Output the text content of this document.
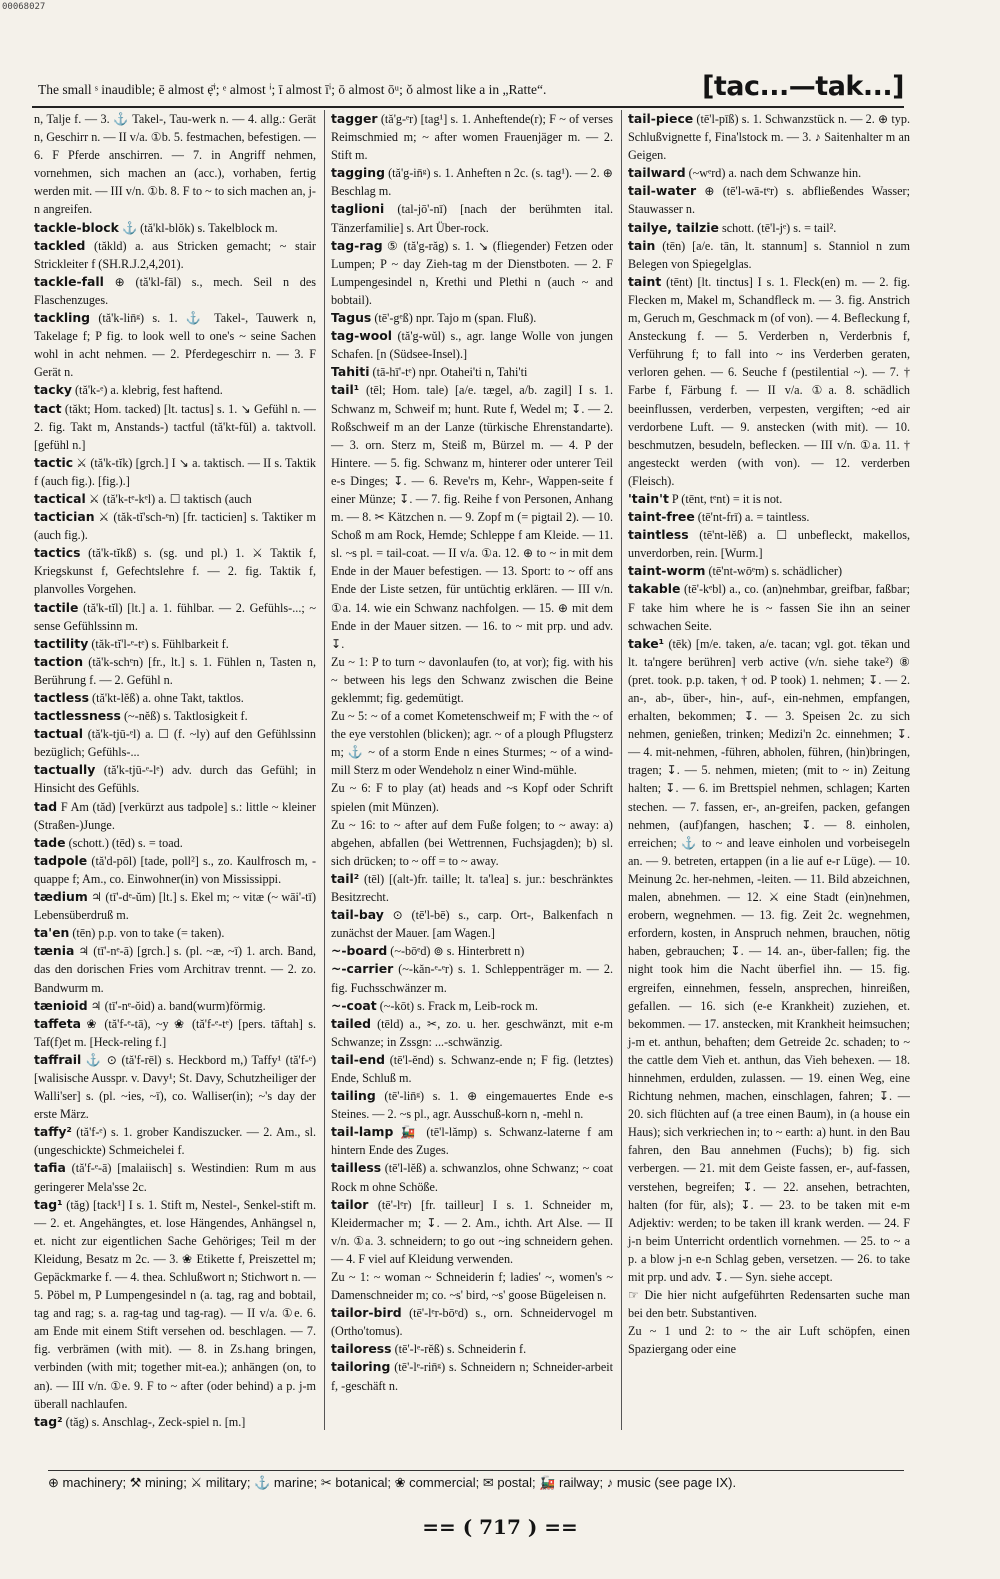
00068027
The small ˢ inaudible; ē almost ẹ̄ⁱ; ᵉ almost ⁱ; ī almost īⁱ; ō almost ōᵘ; ŏ almost like a in „Ratte“.	[tac...—tak...]

n, Talje f. — 3. ⚓ Takel-, Tau-werk n. — 4. allg.: Gerät n, Geschirr n. — II v/a. ①b. 5. festmachen, befestigen. — 6. F Pferde anschirren. — 7. in Angriff nehmen, vornehmen, sich machen an (acc.), vorhaben, fertig werden mit. — III v/n. ①b. 8. F to ~ to sich machen an, j-n angreifen.

tackle-block ⚓ (tă'kl-blŏk) s. Takelblock m.

tackled (tăkld) a. aus Stricken gemacht; ~ stair Strickleiter f (SH.R.J.2,4,201).

tackle-fall ⊕ (tă'kl-fāl) s., mech. Seil n des Flaschenzuges.

tackling (tă'k-lin̄ᵍ) s. 1. ⚓ Takel-, Tauwerk n, Takelage f; P fig. to look well to one's ~ seine Sachen wohl in acht nehmen. — 2. Pferdegeschirr n. — 3. F Gerät n.

tacky (tă'k-ᵉ) a. klebrig, fest haftend.

tact (tăkt; Hom. tacked) [lt. tactus] s. 1. ↘ Gefühl n. — 2. fig. Takt m, Anstands-) tactful (tă'kt-fŭl) a. taktvoll. [gefühl n.]

tactic ⚔ (tă'k-tĭk) [grch.] I ↘ a. taktisch. — II s. Taktik f (auch fig.). [fig.).]

tactical ⚔ (tă'k-tᵉ-kᵉl) a. ☐ taktisch (auch

tactician ⚔ (tăk-tĭ'sch-ᵉn) [fr. tacticien] s. Taktiker m (auch fig.).

tactics (tă'k-tĭkß) s. (sg. und pl.) 1. ⚔ Taktik f, Kriegskunst f, Gefechtslehre f. — 2. fig. Taktik f, planvolles Vorgehen.

tactile (tă'k-tĭl) [lt.] a. 1. fühlbar. — 2. Gefühls-...; ~ sense Gefühlssinn m.

tactility (tăk-tĭ'l-ᵉ-tᵉ) s. Fühlbarkeit f.

taction (tă'k-schᵉn) [fr., lt.] s. 1. Fühlen n, Tasten n, Berührung f. — 2. Gefühl n.

tactless (tă'kt-lĕß) a. ohne Takt, taktlos.

tactlessness (~-nĕß) s. Taktlosigkeit f.

tactual (tă'k-tjū-ᵉl) a. ☐ (f. ~ly) auf den Gefühlssinn bezüglich; Gefühls-...

tactually (tă'k-tjū-ᵉ-lᵉ) adv. durch das Gefühl; in Hinsicht des Gefühls.

tad F Am (tăd) [verkürzt aus tadpole] s.: little ~ kleiner (Straßen-)Junge.

tade (schott.) (tēd) s. = toad.

tadpole (tă'd-pōl) [tade, poll²] s., zo. Kaulfrosch m, -quappe f; Am., co. Einwohner(in) von Mississippi.

tædium ♃ (tī'-dᵉ-ŭm) [lt.] s. Ekel m; ~ vitæ (~ wāi'-tī) Lebensüberdruß m.

ta'en (tēn) p.p. von to take (= taken).

tænia ♃ (tī'-nᵉ-ā) [grch.] s. (pl. ~æ, ~ī) 1. arch. Band, das den dorischen Fries vom Architrav trennt. — 2. zo. Bandwurm m.

tænioid ♃ (tī'-nᵉ-ŏid) a. band(wurm)förmig.

taffeta ❀ (tă'f-ᵉ-tā), ~y ❀ (tă'f-ᵉ-tᵉ) [pers. tāftah] s. Taf(f)et m. [Heck-reling f.]

taffrail ⚓ ⊙ (tă'f-rēl) s. Heckbord m,) Taffy¹ (tă'f-ᵉ) [walisische Ausspr. v. Davy¹; St. Davy, Schutzheiliger der Walli'ser] s. (pl. ~ies, ~ī), co. Walliser(in); ~'s day der erste März.

taffy² (tă'f-ᵉ) s. 1. grober Kandiszucker. — 2. Am., sl. (ungeschickte) Schmeichelei f.

tafia (tă'f-ᵉ-ā) [malaiisch] s. Westindien: Rum m aus geringerer Mela'sse 2c.

tag¹ (tăg) [tack¹] I s. 1. Stift m, Nestel-, Senkel-stift m. — 2. et. Angehängtes, et. lose Hängendes, Anhängsel n, et. nicht zur eigentlichen Sache Gehöriges; Teil m der Kleidung, Besatz m 2c. — 3. ❀ Etikette f, Preiszettel m; Gepäckmarke f. — 4. thea. Schlußwort n; Stichwort n. — 5. Pöbel m, P Lumpengesindel n (a. tag, rag and bobtail, tag and rag; s. a. rag-tag und tag-rag). — II v/a. ①e. 6. am Ende mit einem Stift versehen od. beschlagen. — 7. fig. verbrämen (with mit). — 8. in Zs.hang bringen, verbinden (with mit; together mit-ea.); anhängen (on, to an). — III v/n. ①e. 9. F to ~ after (oder behind) a p. j-m überall nachlaufen.

tag² (tăg) s. Anschlag-, Zeck-spiel n. [m.]

tagger (tă'g-ᵉr) [tag¹] s. 1. Anheftende(r); F ~ of verses Reimschmied m; ~ after women Frauenjäger m. — 2. Stift m.

tagging (tă'g-in̄ᵍ) s. 1. Anheften n 2c. (s. tag¹). — 2. ⊕ Beschlag m.

taglioni (tal-jō'-nī) [nach der berühmten ital. Tänzerfamilie] s. Art Über-rock.

tag-rag ⑤ (tă'g-răg) s. 1. ↘ (fliegender) Fetzen oder Lumpen; P ~ day Zieh-tag m der Dienstboten. — 2. F Lumpengesindel n, Krethi und Plethi n (auch ~ and bobtail).

Tagus (tē'-gᵉß) npr. Tajo m (span. Fluß).

tag-wool (tă'g-wŭl) s., agr. lange Wolle von jungen Schafen. [n (Südsee-Insel).]

Tahiti (tā-hī'-tᵉ) npr. Otahei'ti n, Tahi'ti

tail¹ (tēl; Hom. tale) [a/e. tægel, a/b. zagil] I s. 1. Schwanz m, Schweif m; hunt. Rute f, Wedel m; ↧. — 2. Roßschweif m an der Lanze (türkische Ehrenstandarte). — 3. orn. Sterz m, Steiß m, Bürzel m. — 4. P der Hintere. — 5. fig. Schwanz m, hinterer oder unterer Teil e-s Dinges; ↧. — 6. Reve'rs m, Kehr-, Wappen-seite f einer Münze; ↧. — 7. fig. Reihe f von Personen, Anhang m. — 8. ✂ Kätzchen n. — 9. Zopf m (= pigtail 2). — 10. Schoß m am Rock, Hemde; Schleppe f am Kleide. — 11. sl. ~s pl. = tail-coat. — II v/a. ①a. 12. ⊕ to ~ in mit dem Ende in der Mauer befestigen. — 13. Sport: to ~ off ans Ende der Liste setzen, für untüchtig erklären. — III v/n. ①a. 14. wie ein Schwanz nachfolgen. — 15. ⊕ mit dem Ende in der Mauer sitzen. — 16. to ~ mit prp. und adv. ↧.

Zu ~ 1: P to turn ~ davonlaufen (to, at vor); fig. with his ~ between his legs den Schwanz zwischen die Beine geklemmt; fig. gedemütigt.

Zu ~ 5: ~ of a comet Kometenschweif m; F with the ~ of the eye verstohlen (blicken); agr. ~ of a plough Pflugsterz m; ⚓ ~ of a storm Ende n eines Sturmes; ~ of a wind-mill Sterz m oder Wendeholz n einer Wind-mühle.

Zu ~ 6: F to play (at) heads and ~s Kopf oder Schrift spielen (mit Münzen).

Zu ~ 16: to ~ after auf dem Fuße folgen; to ~ away: a) abgehen, abfallen (bei Wettrennen, Fuchsjagden); b) sl. sich drücken; to ~ off = to ~ away.

tail² (tēl) [(alt-)fr. taille; lt. ta'lea] s. jur.: beschränktes Besitzrecht.

tail-bay ⊙ (tē'l-bē) s., carp. Ort-, Balkenfach n zunächst der Mauer. [am Wagen.]

~-board (~-bōᵉd) ⊚ s. Hinterbrett n)

~-carrier (~-kăn-ᵉ-ᵉr) s. 1. Schleppenträger m. — 2. fig. Fuchsschwänzer m.

~-coat (~-kōt) s. Frack m, Leib-rock m.

tailed (tēld) a., ✂, zo. u. her. geschwänzt, mit e-m Schwanze; in Zssgn: ...-schwänzig.

tail-end (tē'l-ĕnd) s. Schwanz-ende n; F fig. (letztes) Ende, Schluß m.

tailing (tē'-lin̄ᵍ) s. 1. ⊕ eingemauertes Ende e-s Steines. — 2. ~s pl., agr. Ausschuß-korn n, -mehl n.

tail-lamp 🚂 (tē'l-lămp) s. Schwanz-laterne f am hintern Ende des Zuges.

tailless (tē'l-lĕß) a. schwanzlos, ohne Schwanz; ~ coat Rock m ohne Schöße.

tailor (tē'-lᵉr) [fr. tailleur] I s. 1. Schneider m, Kleidermacher m; ↧. — 2. Am., ichth. Art Alse. — II v/n. ①a. 3. schneidern; to go out ~ing schneidern gehen. — 4. F viel auf Kleidung verwenden.

Zu ~ 1: ~ woman ~ Schneiderin f; ladies' ~, women's ~ Damenschneider m; co. ~s' bird, ~s' goose Bügeleisen n.

tailor-bird (tē'-lᵉr-bōᵉd) s., orn. Schneidervogel m (Ortho'tomus).

tailoress (tē'-lᵉ-rĕß) s. Schneiderin f.

tailoring (tē'-lᵉ-rin̄ᵍ) s. Schneidern n; Schneider-arbeit f, -geschäft n.

tail-piece (tē'l-pīß) s. 1. Schwanzstück n. — 2. ⊕ typ. Schlußvignette f, Fina'lstock m. — 3. ♪ Saitenhalter m an Geigen.

tailward (~wᵉrd) a. nach dem Schwanze hin.

tail-water ⊕ (tē'l-wā-tᵉr) s. abfließendes Wasser; Stauwasser n.

tailye, tailzie schott. (tē'l-jᵉ) s. = tail².

tain (tēn) [a/e. tān, lt. stannum] s. Stanniol n zum Belegen von Spiegelglas.

taint (tēnt) [lt. tinctus] I s. 1. Fleck(en) m. — 2. fig. Flecken m, Makel m, Schandfleck m. — 3. fig. Anstrich m, Geruch m, Geschmack m (of von). — 4. Befleckung f, Ansteckung f. — 5. Verderben n, Verderbnis f, Verführung f; to fall into ~ ins Verderben geraten, verloren gehen. — 6. Seuche f (pestilential ~). — 7. † Farbe f, Färbung f. — II v/a. ①a. 8. schädlich beeinflussen, verderben, verpesten, vergiften; ~ed air verdorbene Luft. — 9. anstecken (with mit). — 10. beschmutzen, besudeln, beflecken. — III v/n. ①a. 11. † angesteckt werden (with von). — 12. verderben (Fleisch).

'tain't P (tēnt, tᵉnt) = it is not.

taint-free (tē'nt-frī) a. = taintless.

taintless (tē'nt-lĕß) a. ☐ unbefleckt, makellos, unverdorben, rein. [Wurm.]

taint-worm (tē'nt-wōᵉm) s. schädlicher)

takable (tē'-kᵉbl) a., co. (an)nehmbar, greifbar, faßbar; F take him where he is ~ fassen Sie ihn an seiner schwachen Seite.

take¹ (tēk) [m/e. taken, a/e. tacan; vgl. got. tēkan und lt. ta'ngere berühren] verb active (v/n. siehe take²) ⑧ (pret. took. p.p. taken, † od. P took) 1. nehmen; ↧. — 2. an-, ab-, über-, hin-, auf-, ein-nehmen, empfangen, erhalten, bekommen; ↧. — 3. Speisen 2c. zu sich nehmen, genießen, trinken; Medizi'n 2c. einnehmen; ↧. — 4. mit-nehmen, -führen, abholen, führen, (hin)bringen, tragen; ↧. — 5. nehmen, mieten; (mit to ~ in) Zeitung halten; ↧. — 6. im Brettspiel nehmen, schlagen; Karten stechen. — 7. fassen, er-, an-greifen, packen, gefangen nehmen, (auf)fangen, haschen; ↧. — 8. einholen, erreichen; ⚓ to ~ and leave einholen und vorbeisegeln an. — 9. betreten, ertappen (in a lie auf e-r Lüge). — 10. Meinung 2c. her-nehmen, -leiten. — 11. Bild abzeichnen, malen, abnehmen. — 12. ⚔ eine Stadt (ein)nehmen, erobern, wegnehmen. — 13. fig. Zeit 2c. wegnehmen, erfordern, kosten, in Anspruch nehmen, brauchen, nötig haben, gebrauchen; ↧. — 14. an-, über-fallen; fig. the night took him die Nacht überfiel ihn. — 15. fig. ergreifen, einnehmen, fesseln, ansprechen, hinreißen, gefallen. — 16. sich (e-e Krankheit) zuziehen, et. bekommen. — 17. anstecken, mit Krankheit heimsuchen; j-m et. anthun, behaften; dem Getreide 2c. schaden; to ~ the cattle dem Vieh et. anthun, das Vieh behexen. — 18. hinnehmen, erdulden, zulassen. — 19. einen Weg, eine Richtung nehmen, machen, einschlagen, fahren; ↧. — 20. sich flüchten auf (a tree einen Baum), in (a house ein Haus); sich verkriechen in; to ~ earth: a) hunt. in den Bau fahren, den Bau annehmen (Fuchs); b) fig. sich verbergen. — 21. mit dem Geiste fassen, er-, auf-fassen, verstehen, begreifen; ↧. — 22. ansehen, betrachten, halten (for für, als); ↧. — 23. to be taken mit e-m Adjektiv: werden; to be taken ill krank werden. — 24. F j-n beim Unterricht ordentlich vornehmen. — 25. to ~ a p. a blow j-n e-n Schlag geben, versetzen. — 26. to take mit prp. und adv. ↧. — Syn. siehe accept.

☞ Die hier nicht aufgeführten Redensarten suche man bei den betr. Substantiven.

Zu ~ 1 und 2: to ~ the air Luft schöpfen, einen Spaziergang oder eine

⊕ machinery; ⚒ mining; ⚔ military; ⚓ marine; ✂ botanical; ❀ commercial; ✉ postal; 🚂 railway; ♪ music (see page IX).
== ( 717 ) ==
